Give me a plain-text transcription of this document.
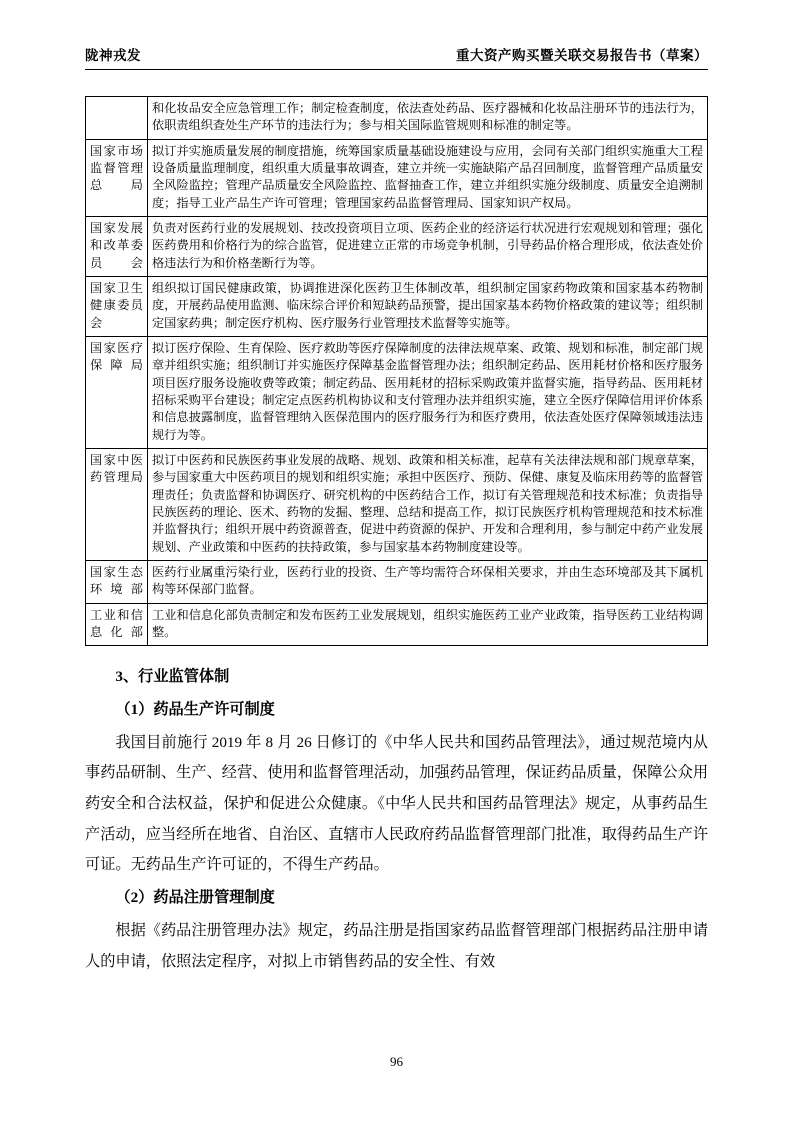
陇神戎发	重大资产购买暨关联交易报告书（草案）
	和化妆品安全应急管理工作；制定检查制度，依法查处药品、医疗器械和化妆品注册环节的违法行为，依职责组织查处生产环节的违法行为；参与相关国际监管规则和标准的制定等。
国家市场监督管理总局	拟订并实施质量发展的制度措施，统筹国家质量基础设施建设与应用，会同有关部门组织实施重大工程设备质量监理制度，组织重大质量事故调查，建立并统一实施缺陷产品召回制度，监督管理产品质量安全风险监控；管理产品质量安全风险监控、监督抽查工作，建立并组织实施分级制度、质量安全追溯制度；指导工业产品生产许可管理；管理国家药品监督管理局、国家知识产权局。
国家发展和改革委员会	负责对医药行业的发展规划、技改投资项目立项、医药企业的经济运行状况进行宏观规划和管理；强化医药费用和价格行为的综合监管，促进建立正常的市场竞争机制，引导药品价格合理形成，依法查处价格违法行为和价格垄断行为等。
国家卫生健康委员会	组织拟订国民健康政策，协调推进深化医药卫生体制改革，组织制定国家药物政策和国家基本药物制度，开展药品使用监测、临床综合评价和短缺药品预警，提出国家基本药物价格政策的建议等；组织制定国家药典；制定医疗机构、医疗服务行业管理技术监督等实施等。
国家医疗保障局	拟订医疗保险、生育保险、医疗救助等医疗保障制度的法律法规草案、政策、规划和标准，制定部门规章并组织实施；组织制订并实施医疗保障基金监督管理办法；组织制定药品、医用耗材价格和医疗服务项目医疗服务设施收费等政策；制定药品、医用耗材的招标采购政策并监督实施，指导药品、医用耗材招标采购平台建设；制定定点医药机构协议和支付管理办法并组织实施，建立全医疗保障信用评价体系和信息披露制度，监督管理纳入医保范围内的医疗服务行为和医疗费用，依法查处医疗保障领域违法违规行为等。
国家中医药管理局	拟订中医药和民族医药事业发展的战略、规划、政策和相关标准，起草有关法律法规和部门规章草案，参与国家重大中医药项目的规划和组织实施；承担中医医疗、预防、保健、康复及临床用药等的监督管理责任；负责监督和协调医疗、研究机构的中医药结合工作，拟订有关管理规范和技术标准；负责指导民族医药的理论、医术、药物的发掘、整理、总结和提高工作，拟订民族医疗机构管理规范和技术标准并监督执行；组织开展中药资源普查，促进中药资源的保护、开发和合理利用，参与制定中药产业发展规划、产业政策和中医药的扶持政策，参与国家基本药物制度建设等。
国家生态环境部	医药行业属重污染行业，医药行业的投资、生产等均需符合环保相关要求，并由生态环境部及其下属机构等环保部门监督。
工业和信息化部	工业和信息化部负责制定和发布医药工业发展规划，组织实施医药工业产业政策，指导医药工业结构调整。

3、行业监管体制

（1）药品生产许可制度

我国目前施行 2019 年 8 月 26 日修订的《中华人民共和国药品管理法》，通过规范境内从事药品研制、生产、经营、使用和监督管理活动，加强药品管理，保证药品质量，保障公众用药安全和合法权益，保护和促进公众健康。《中华人民共和国药品管理法》规定，从事药品生产活动，应当经所在地省、自治区、直辖市人民政府药品监督管理部门批准，取得药品生产许可证。无药品生产许可证的，不得生产药品。

（2）药品注册管理制度

根据《药品注册管理办法》规定，药品注册是指国家药品监督管理部门根据药品注册申请人的申请，依照法定程序，对拟上市销售药品的安全性、有效

96
